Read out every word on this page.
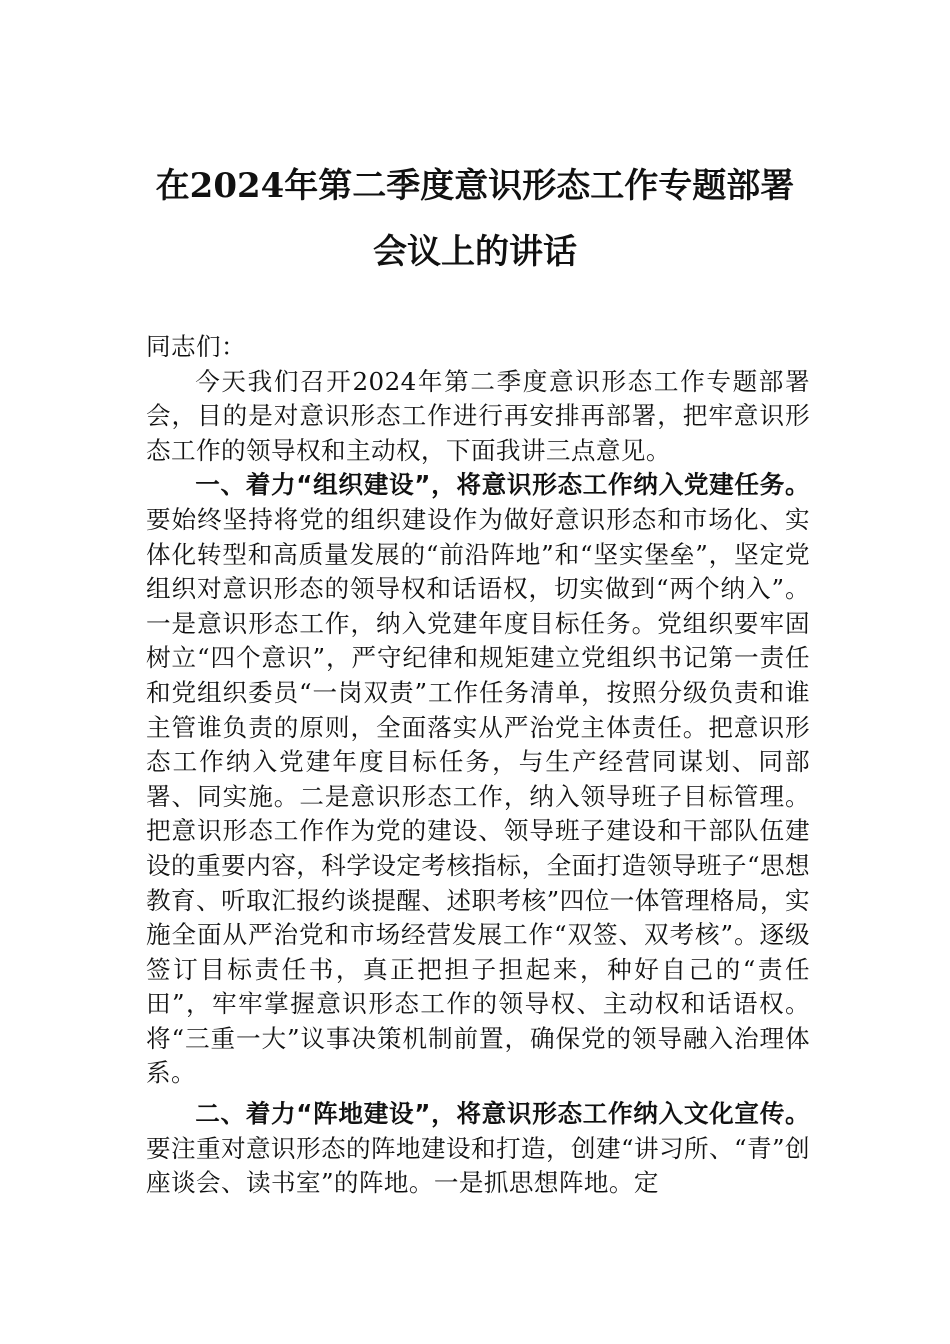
在2024年第二季度意识形态工作专题部署
会议上的讲话

同志们：

今天我们召开2024年第二季度意识形态工作专题部署会，目的是对意识形态工作进行再安排再部署，把牢意识形态工作的领导权和主动权，下面我讲三点意见。

一、着力“组织建设”，将意识形态工作纳入党建任务。要始终坚持将党的组织建设作为做好意识形态和市场化、实体化转型和高质量发展的“前沿阵地”和“坚实堡垒”，坚定党组织对意识形态的领导权和话语权，切实做到“两个纳入”。一是意识形态工作，纳入党建年度目标任务。党组织要牢固树立“四个意识”，严守纪律和规矩建立党组织书记第一责任和党组织委员“一岗双责”工作任务清单，按照分级负责和谁主管谁负责的原则，全面落实从严治党主体责任。把意识形态工作纳入党建年度目标任务，与生产经营同谋划、同部署、同实施。二是意识形态工作，纳入领导班子目标管理。把意识形态工作作为党的建设、领导班子建设和干部队伍建设的重要内容，科学设定考核指标，全面打造领导班子“思想教育、听取汇报约谈提醒、述职考核”四位一体管理格局，实施全面从严治党和市场经营发展工作“双签、双考核”。逐级签订目标责任书，真正把担子担起来，种好自己的“责任田”，牢牢掌握意识形态工作的领导权、主动权和话语权。将“三重一大”议事决策机制前置，确保党的领导融入治理体系。

二、着力“阵地建设”，将意识形态工作纳入文化宣传。要注重对意识形态的阵地建设和打造，创建“讲习所、“青”创座谈会、读书室”的阵地。一是抓思想阵地。定
